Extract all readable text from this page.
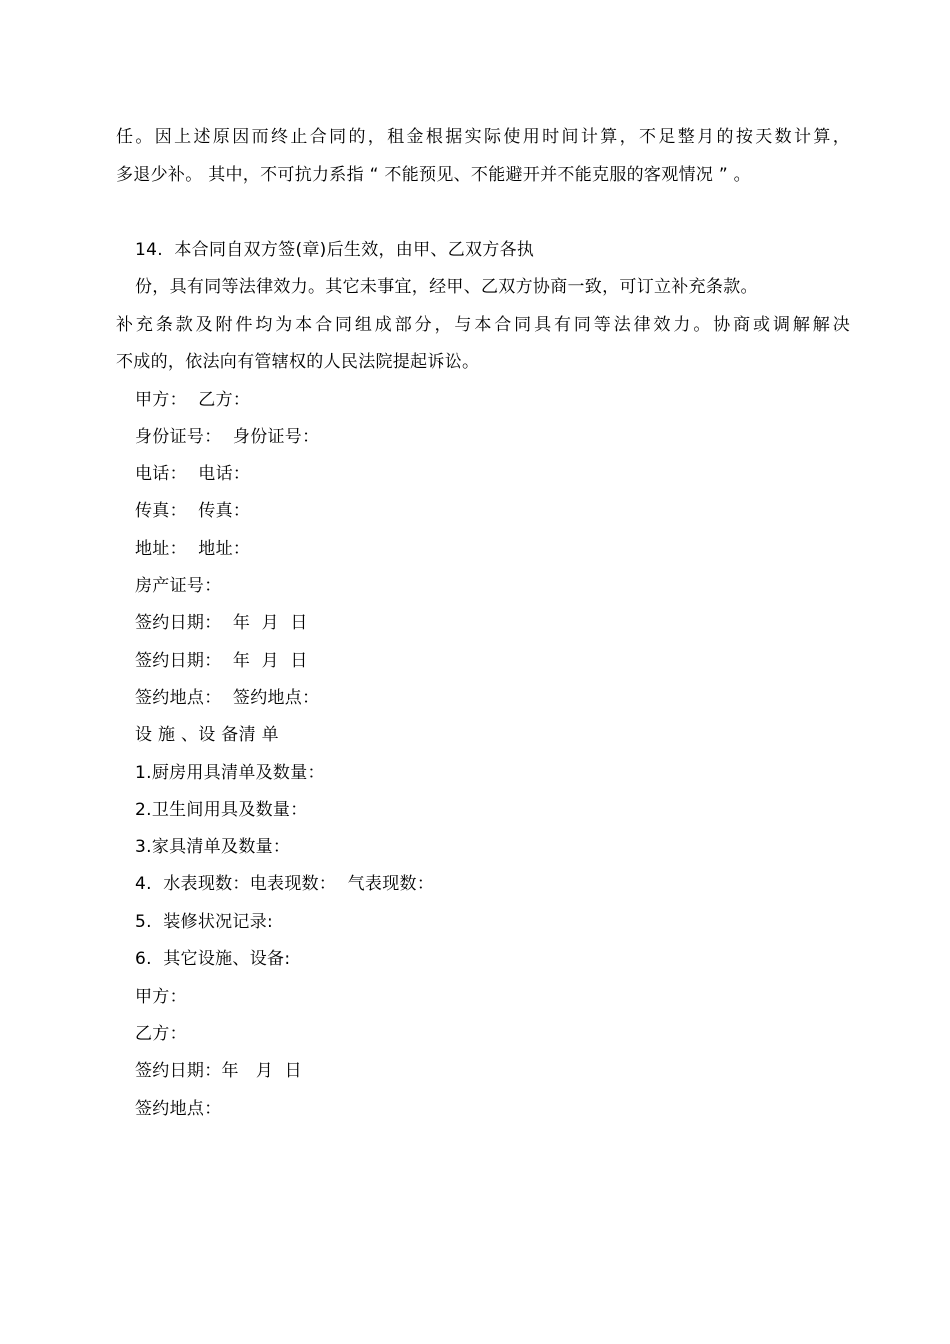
任。因上述原因而终止合同的，租金根据实际使用时间计算，不足整月的按天数计算，
多退少补。 其中，不可抗力系指 “ 不能预见、不能避开并不能克服的客观情况 ” 。
14.  本合同自双方签(章)后生效，由甲、乙双方各执
份，具有同等法律效力。其它未事宜，经甲、乙双方协商一致，可订立补充条款。
补充条款及附件均为本合同组成部分，与本合同具有同等法律效力。协商或调解解决
不成的，依法向有管辖权的人民法院提起诉讼。
甲方：  乙方：
身份证号：  身份证号：
电话：  电话：
传真：  传真：
地址：  地址：
房产证号：
签约日期：  年  月  日
签约日期：  年  月  日
签约地点：  签约地点：
设 施 、设 备清 单
1.厨房用具清单及数量：
2.卫生间用具及数量：
3.家具清单及数量：
4.  水表现数：电表现数：  气表现数：
5.  装修状况记录:
6.  其它设施、设备:
甲方：
乙方：
签约日期：年   月  日
签约地点：
